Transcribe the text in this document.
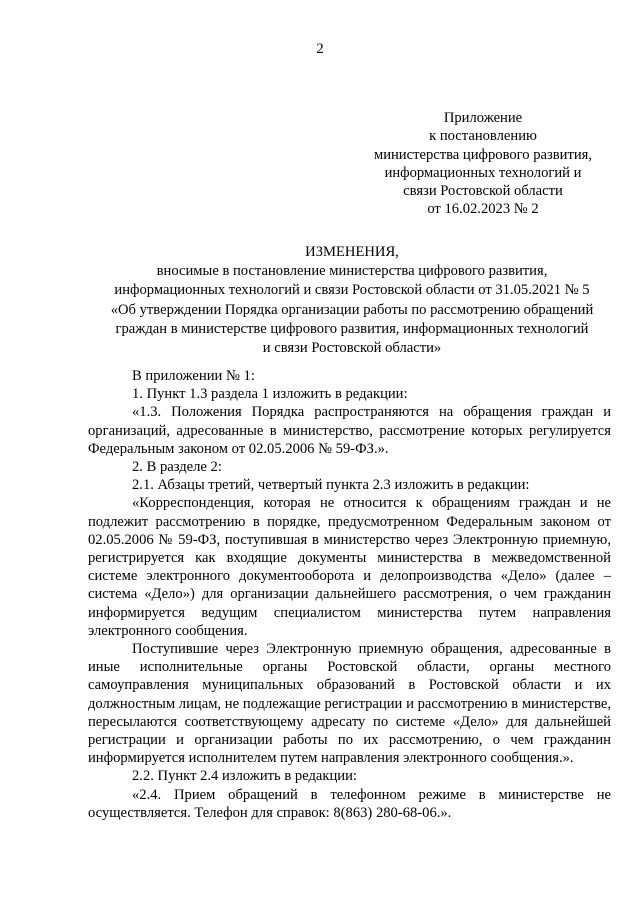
2
Приложение
к постановлению
министерства цифрового развития,
информационных технологий и
связи Ростовской области
от 16.02.2023 № 2
ИЗМЕНЕНИЯ,
вносимые в постановление министерства цифрового развития,
информационных технологий и связи Ростовской области от 31.05.2021 № 5
«Об утверждении Порядка организации работы по рассмотрению обращений
граждан в министерстве цифрового развития, информационных технологий
и связи Ростовской области»

В приложении № 1:

1. Пункт 1.3 раздела 1 изложить в редакции:

«1.3. Положения Порядка распространяются на обращения граждан и организаций, адресованные в министерство, рассмотрение которых регулируется Федеральным законом от 02.05.2006 № 59-ФЗ.».

2. В разделе 2:

2.1. Абзацы третий, четвертый пункта 2.3 изложить в редакции:

«Корреспонденция, которая не относится к обращениям граждан и не подлежит рассмотрению в порядке, предусмотренном Федеральным законом от 02.05.2006 № 59-ФЗ, поступившая в министерство через Электронную приемную, регистрируется как входящие документы министерства в межведомственной системе электронного документооборота и делопроизводства «Дело» (далее – система «Дело») для организации дальнейшего рассмотрения, о чем гражданин информируется ведущим специалистом министерства путем направления электронного сообщения.

Поступившие через Электронную приемную обращения, адресованные в иные исполнительные органы Ростовской области, органы местного самоуправления муниципальных образований в Ростовской области и их должностным лицам, не подлежащие регистрации и рассмотрению в министерстве, пересылаются соответствующему адресату по системе «Дело» для дальнейшей регистрации и организации работы по их рассмотрению, о чем гражданин информируется исполнителем путем направления электронного сообщения.».

2.2. Пункт 2.4 изложить в редакции:

«2.4. Прием обращений в телефонном режиме в министерстве не осуществляется. Телефон для справок: 8(863) 280-68-06.».
